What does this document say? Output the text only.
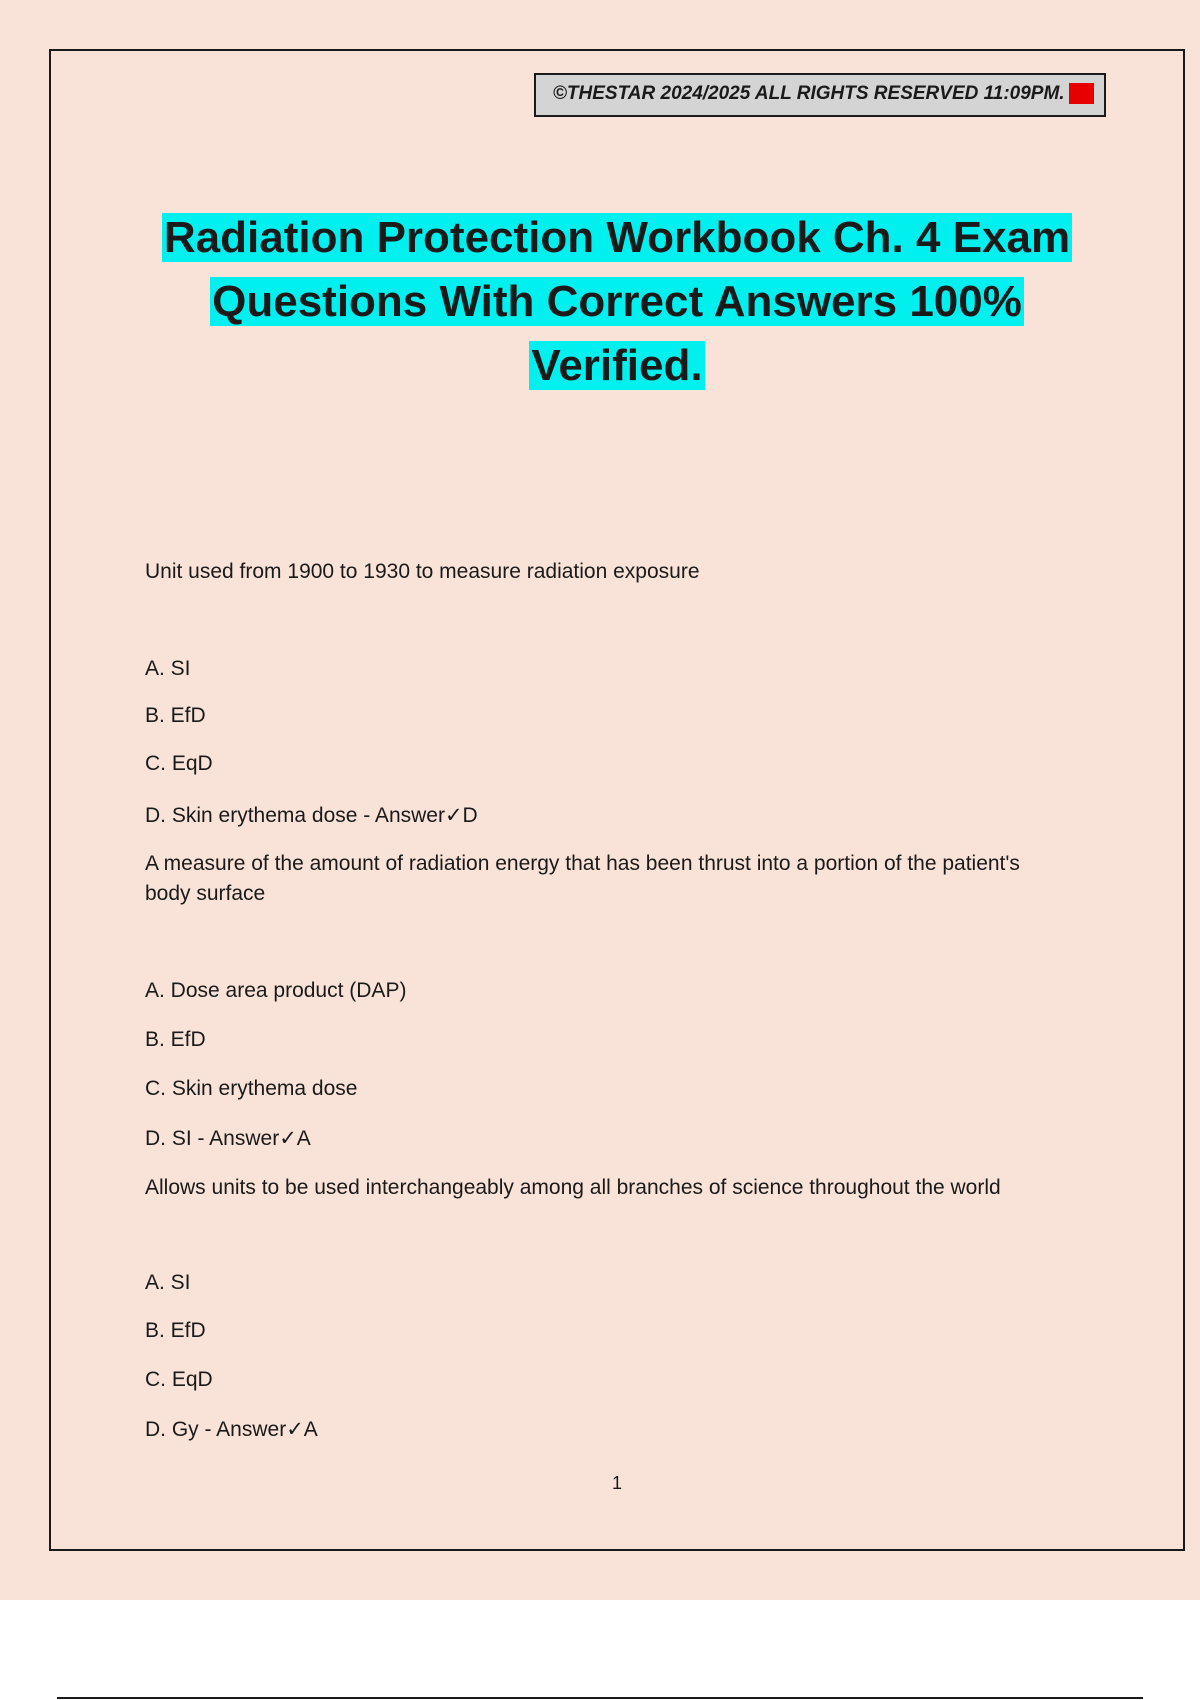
©THESTAR 2024/2025 ALL RIGHTS RESERVED 11:09PM. A+
Radiation Protection Workbook Ch. 4 Exam
Questions With Correct Answers 100%
Verified.
Unit used from 1900 to 1930 to measure radiation exposure
A. SI
B. EfD
C. EqD
D. Skin erythema dose - Answer✓D
A measure of the amount of radiation energy that has been thrust into a portion of the patient's body surface
A. Dose area product (DAP)
B. EfD
C. Skin erythema dose
D. SI - Answer✓A
Allows units to be used interchangeably among all branches of science throughout the world
A. SI
B. EfD
C. EqD
D. Gy - Answer✓A
1
